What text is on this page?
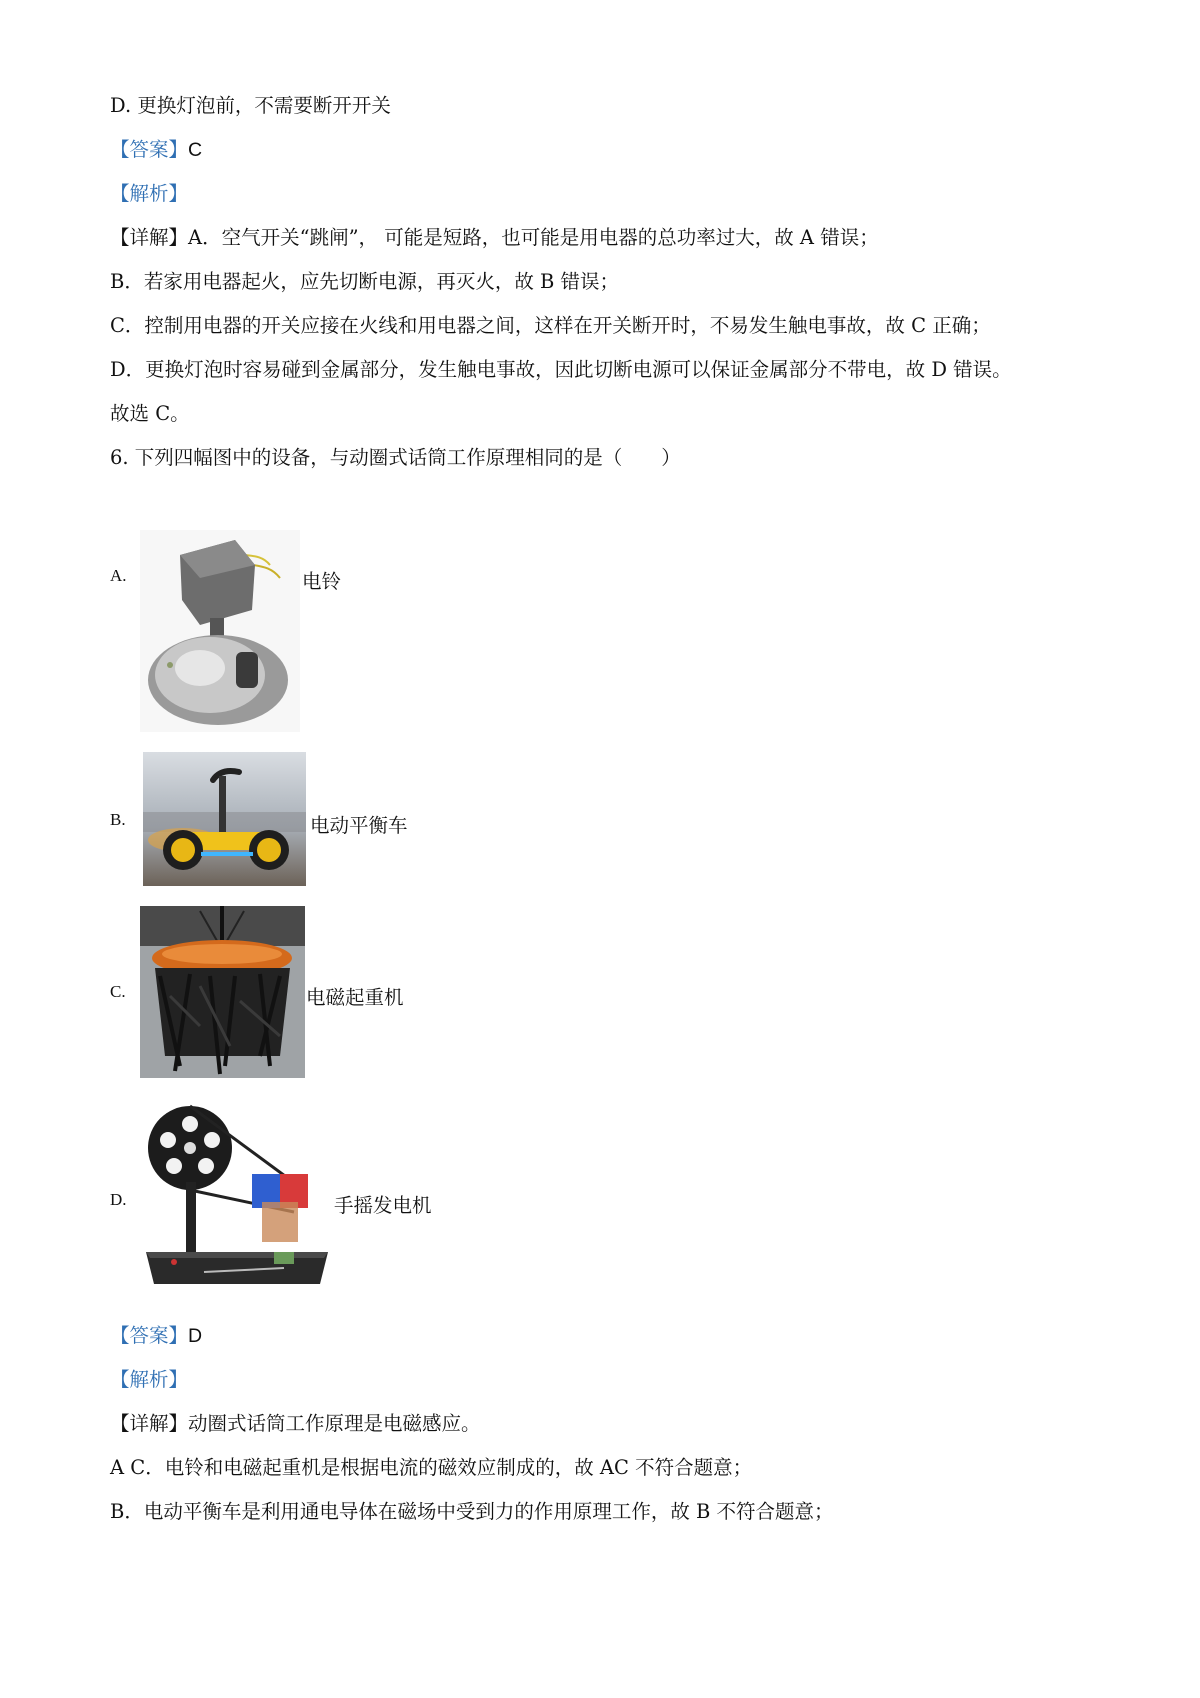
D. 更换灯泡前，不需要断开开关
【答案】C
【解析】
【详解】A．空气开关“跳闸”， 可能是短路，也可能是用电器的总功率过大，故 A 错误；
B．若家用电器起火，应先切断电源，再灭火，故 B 错误；
C．控制用电器的开关应接在火线和用电器之间，这样在开关断开时，不易发生触电事故，故 C 正确；
D．更换灯泡时容易碰到金属部分，发生触电事故，因此切断电源可以保证金属部分不带电，故 D 错误。
故选 C。
6. 下列四幅图中的设备，与动圈式话筒工作原理相同的是（　　）
A.	电铃
B.	电动平衡车
C.	电磁起重机
D.	手摇发电机
【答案】D
【解析】
【详解】动圈式话筒工作原理是电磁感应。
A C．电铃和电磁起重机是根据电流的磁效应制成的，故 AC 不符合题意；
B．电动平衡车是利用通电导体在磁场中受到力的作用原理工作，故 B 不符合题意；
